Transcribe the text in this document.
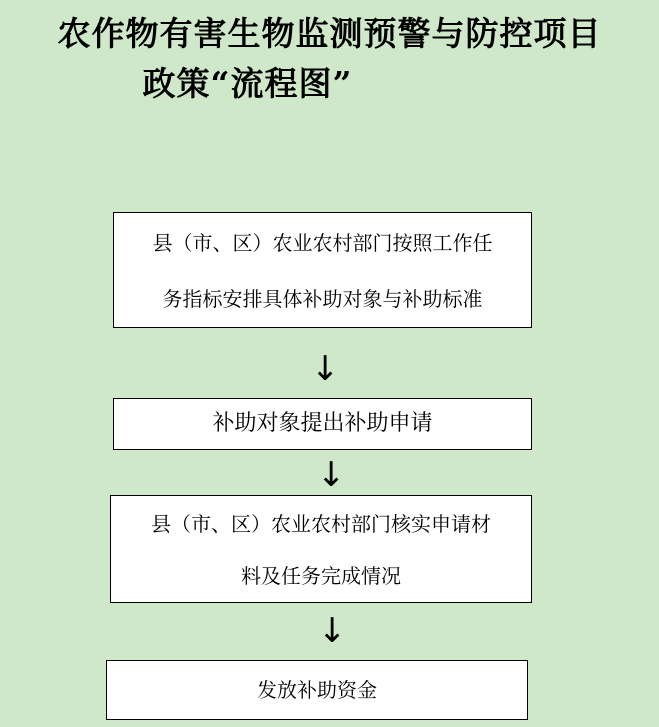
农作物有害生物监测预警与防控项目
政策“流程图”
县（市、区）农业农村部门按照工作任
务指标安排具体补助对象与补助标准
↓
补助对象提出补助申请
↓
县（市、区）农业农村部门核实申请材
料及任务完成情况
↓
发放补助资金
